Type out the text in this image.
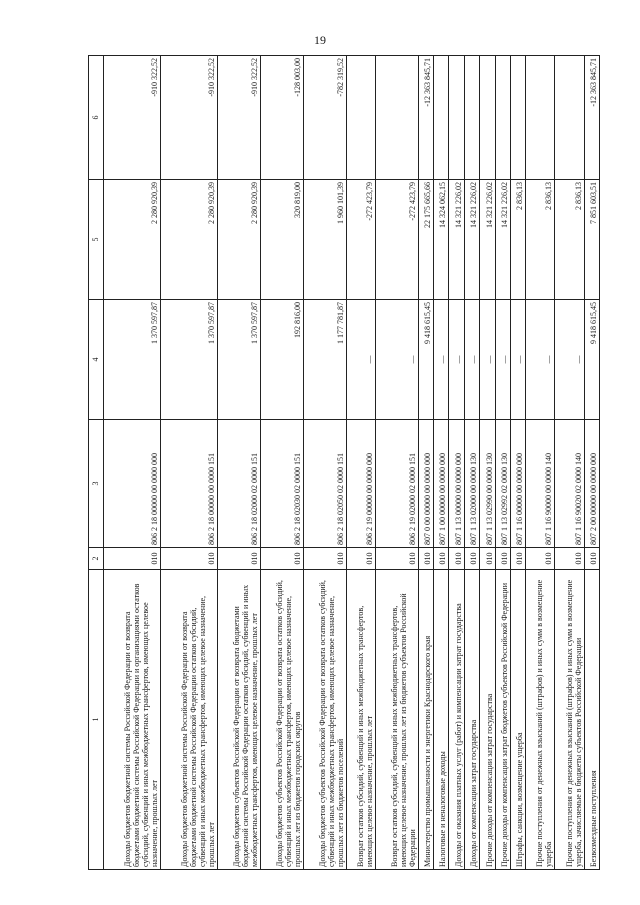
19
1	2	3	4	5	6
Доходы бюджетов бюджетной системы Российской Федерации от возврата бюджетами бюджетной системы Российской Федерации и организациями остатков субсидий, субвенций и иных межбюджетных трансфертов, имеющих целевое назначение, прошлых лет	010	806 2 18 00000 00 0000 000	1 370 597,87	2 280 920,39	-910 322,52
Доходы бюджетов бюджетной системы Российской Федерации от возврата бюджетами бюджетной системы Российской Федерации остатков субсидий, субвенций и иных межбюджетных трансфертов, имеющих целевое назначение, прошлых лет	010	806 2 18 00000 00 0000 151	1 370 597,87	2 280 920,39	-910 322,52
Доходы бюджетов субъектов Российской Федерации от возврата бюджетами бюджетной системы Российской Федерации остатков субсидий, субвенций и иных межбюджетных трансфертов, имеющих целевое назначение, прошлых лет	010	806 2 18 02000 02 0000 151	1 370 597,87	2 280 920,39	-910 322,52
Доходы бюджетов субъектов Российской Федерации от возврата остатков субсидий, субвенций и иных межбюджетных трансфертов, имеющих целевое назначение, прошлых лет из бюджетов городских округов	010	806 2 18 02030 02 0000 151	192 816,00	320 819,00	-128 003,00
Доходы бюджетов субъектов Российской Федерации от возврата остатков субсидий, субвенций и иных межбюджетных трансфертов, имеющих целевое назначение, прошлых лет из бюджетов поселений	010	806 2 18 02050 02 0000 151	1 177 781,87	1 960 101,39	-782 319,52
Возврат остатков субсидий, субвенций и иных межбюджетных трансфертов, имеющих целевое назначение, прошлых лет	010	806 2 19 00000 00 0000 000	—	-272 423,79	
Возврат остатков субсидий, субвенций и иных межбюджетных трансфертов, имеющих целевое назначение, прошлых лет из бюджетов субъектов Российской Федерации	010	806 2 19 02000 02 0000 151	—	-272 423,79	
Министерство промышленности и энергетики Краснодарского края	010	807 0 00 00000 00 0000 000	9 418 615,45	22 175 665,66	-12 363 845,71
Налоговые и неналоговые доходы	010	807 1 00 00000 00 0000 000	—	14 324 062,15	
Доходы от оказания платных услуг (работ) и компенсации затрат государства	010	807 1 13 00000 00 0000 000	—	14 321 226,02	
Доходы от компенсации затрат государства	010	807 1 13 02000 00 0000 130	—	14 321 226,02	
Прочие доходы от компенсации затрат государства	010	807 1 13 02990 00 0000 130	—	14 321 226,02	
Прочие доходы от компенсации затрат бюджетов субъектов Российской Федерации	010	807 1 13 02992 02 0000 130	—	14 321 226,02	
Штрафы, санкции, возмещение ущерба	010	807 1 16 00000 00 0000 000	—	2 836,13	
Прочие поступления от денежных взысканий (штрафов) и иных сумм в возмещение ущерба	010	807 1 16 90000 00 0000 140	—	2 836,13	
Прочие поступления от денежных взысканий (штрафов) и иных сумм в возмещение ущерба, зачисляемые в бюджеты субъектов Российской Федерации	010	807 1 16 90020 02 0000 140	—	2 836,13	
Безвозмездные поступления	010	807 2 00 00000 00 0000 000	9 418 615,45	7 851 603,51	-12 363 845,71
